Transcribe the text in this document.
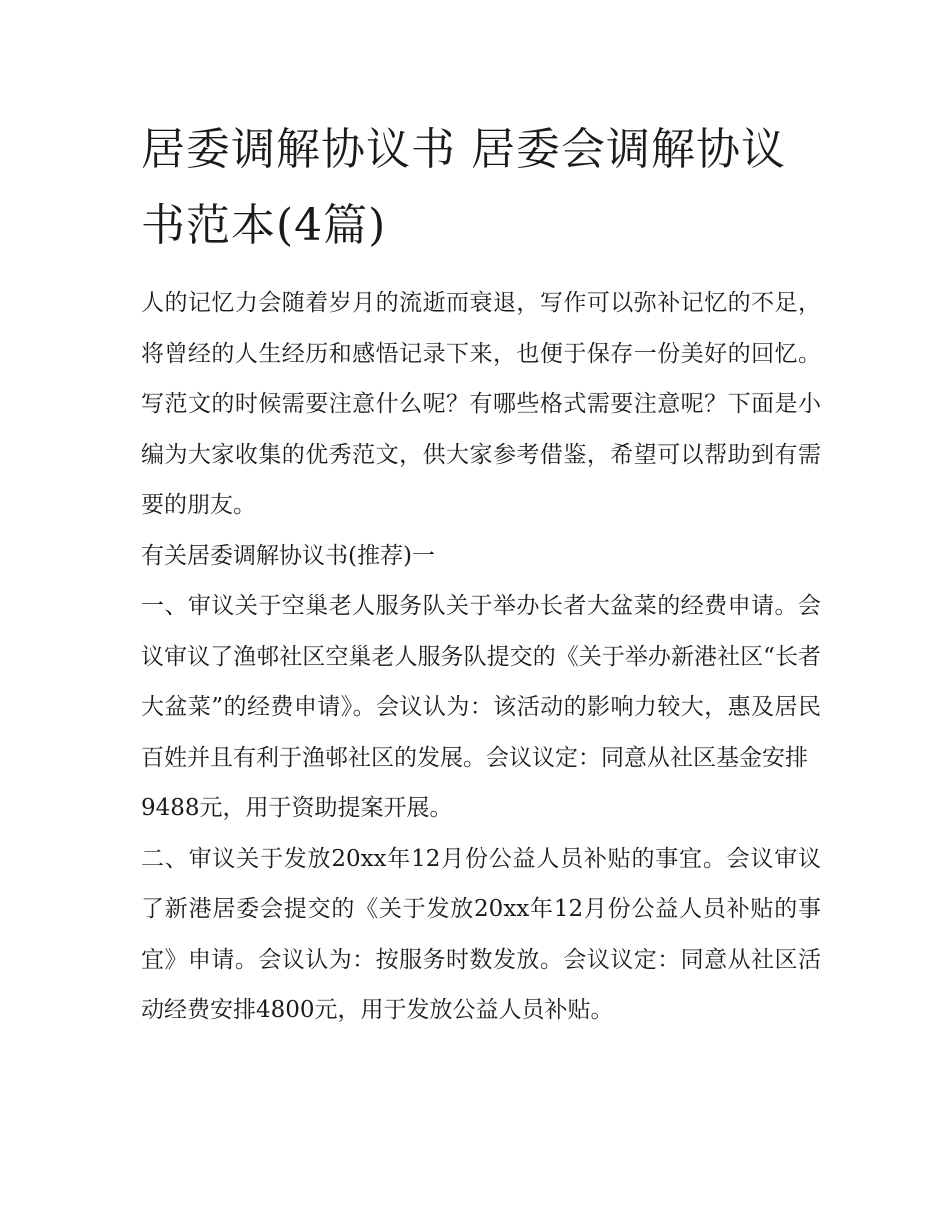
居委调解协议书 居委会调解协议书范本(4篇)

人的记忆力会随着岁月的流逝而衰退，写作可以弥补记忆的不足，将曾经的人生经历和感悟记录下来，也便于保存一份美好的回忆。写范文的时候需要注意什么呢？有哪些格式需要注意呢？下面是小编为大家收集的优秀范文，供大家参考借鉴，希望可以帮助到有需要的朋友。

有关居委调解协议书(推荐)一

一、审议关于空巢老人服务队关于举办长者大盆菜的经费申请。会议审议了渔邨社区空巢老人服务队提交的《关于举办新港社区“长者大盆菜”的经费申请》。会议认为：该活动的影响力较大，惠及居民百姓并且有利于渔邨社区的发展。会议议定：同意从社区基金安排

9488元，用于资助提案开展。

二、审议关于发放20xx年12月份公益人员补贴的事宜。会议审议了新港居委会提交的《关于发放20xx年12月份公益人员补贴的事宜》申请。会议认为：按服务时数发放。会议议定：同意从社区活动经费安排4800元，用于发放公益人员补贴。
